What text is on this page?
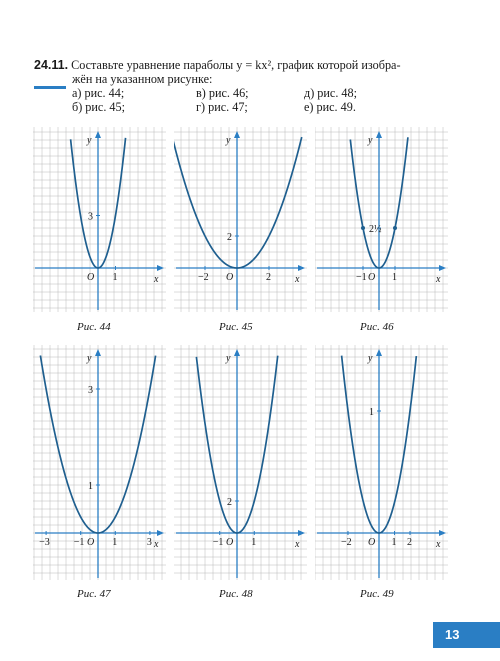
24.11. Составьте уравнение параболы y = kx², график которой изобра-
жён на указанном рисунке:
а) рис. 44;
б) рис. 45;
в) рис. 46;
г) рис. 47;
д) рис. 48;
е) рис. 49.
x
y
O 1
3
x
y
O
−2	2
2
x
y
O
−1	1
2½
x
y
O
−3 −1	1	3
1
3
x
y
O
−1	1
2
x
y
O
−2	1 2
1
Рис. 44	Рис. 45	Рис. 46
Рис. 47	Рис. 48	Рис. 49
13
